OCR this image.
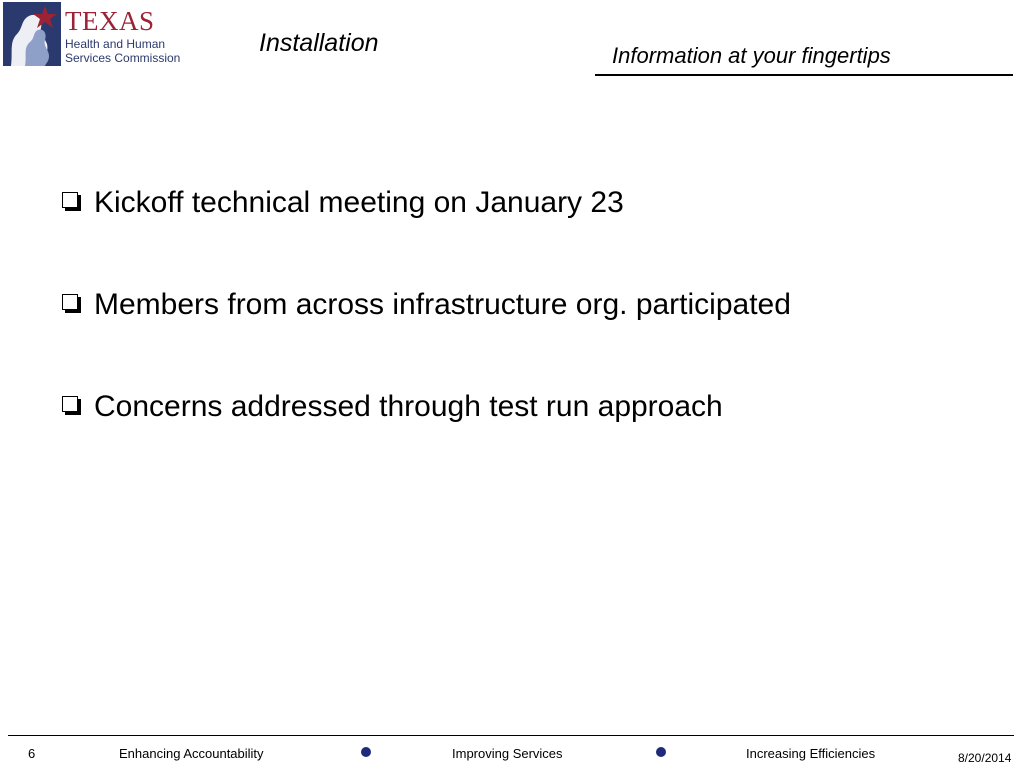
TEXAS
Health and Human
Services Commission
Installation	Information at your fingertips
Kickoff technical meeting on January 23
Members from across infrastructure org. participated
Concerns addressed through test run approach
6	Enhancing Accountability	Improving Services	Increasing Efficiencies	8/20/2014
